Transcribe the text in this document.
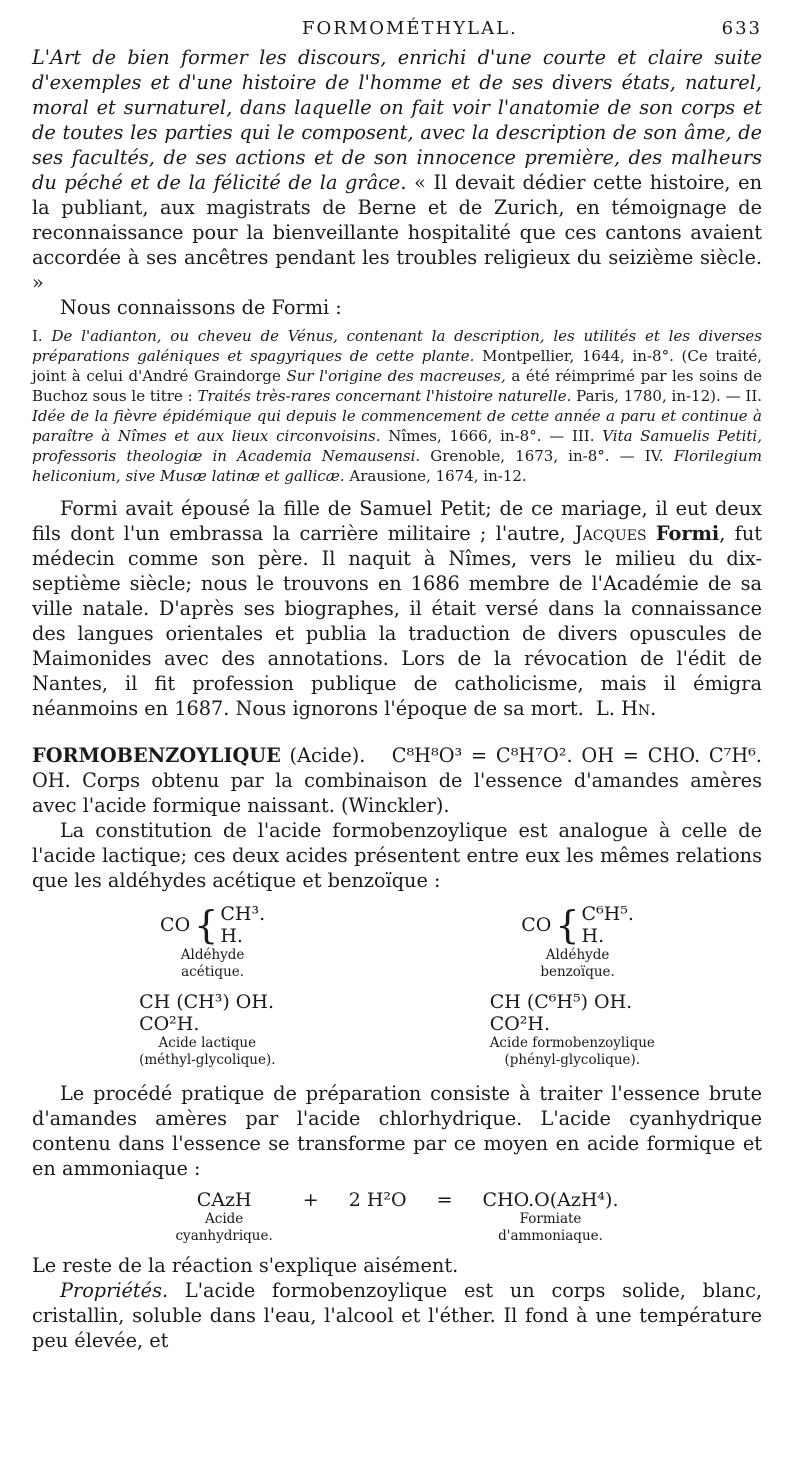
FORMOMÉTHYLAL.	633

L'Art de bien former les discours, enrichi d'une courte et claire suite d'exemples et d'une histoire de l'homme et de ses divers états, naturel, moral et surnaturel, dans laquelle on fait voir l'anatomie de son corps et de toutes les parties qui le composent, avec la description de son âme, de ses facultés, de ses actions et de son innocence première, des malheurs du péché et de la félicité de la grâce. « Il devait dédier cette histoire, en la publiant, aux magistrats de Berne et de Zurich, en témoignage de reconnaissance pour la bienveillante hospitalité que ces cantons avaient accordée à ses ancêtres pendant les troubles religieux du seizième siècle. »

Nous connaissons de Formi :

I. De l'adianton, ou cheveu de Vénus, contenant la description, les utilités et les diverses préparations galéniques et spagyriques de cette plante. Montpellier, 1644, in-8°. (Ce traité, joint à celui d'André Graindorge Sur l'origine des macreuses, a été réimprimé par les soins de Buchoz sous le titre : Traités très-rares concernant l'histoire naturelle. Paris, 1780, in-12). — II. Idée de la fièvre épidémique qui depuis le commencement de cette année a paru et continue à paraître à Nîmes et aux lieux circonvoisins. Nîmes, 1666, in-8°. — III. Vita Samuelis Petiti, professoris theologiæ in Academia Nemausensi. Grenoble, 1673, in-8°. — IV. Florilegium heliconium, sive Musæ latinæ et gallicæ. Arausione, 1674, in-12.

Formi avait épousé la fille de Samuel Petit; de ce mariage, il eut deux fils dont l'un embrassa la carrière militaire ; l'autre, Jacques Formi, fut médecin comme son père. Il naquit à Nîmes, vers le milieu du dix-septième siècle; nous le trouvons en 1686 membre de l'Académie de sa ville natale. D'après ses biographes, il était versé dans la connaissance des langues orientales et publia la traduction de divers opuscules de Maimonides avec des annotations. Lors de la révocation de l'édit de Nantes, il fit profession publique de catholicisme, mais il émigra néanmoins en 1687. Nous ignorons l'époque de sa mort. L. Hn.

FORMOBENZOYLIQUE (Acide). C⁸H⁸O³ = C⁸H⁷O². OH = CHO. C⁷H⁶. OH. Corps obtenu par la combinaison de l'essence d'amandes amères avec l'acide formique naissant. (Winckler).

La constitution de l'acide formobenzoylique est analogue à celle de l'acide lactique; ces deux acides présentent entre eux les mêmes relations que les aldéhydes acétique et benzoïque :

CO { CH³.
H.
Aldéhyde
acétique.
CO { C⁶H⁵.
H.
Aldéhyde
benzoïque.
CH (CH³) OH.
CO²H.
Acide lactique
(méthyl-glycolique).
CH (C⁶H⁵) OH.
CO²H.
Acide formobenzoylique
(phényl-glycolique).

Le procédé pratique de préparation consiste à traiter l'essence brute d'amandes amères par l'acide chlorhydrique. L'acide cyanhydrique contenu dans l'essence se transforme par ce moyen en acide formique et en ammoniaque :

CAzH
Acide
cyanhydrique.
+ 2 H²O = CHO.O(AzH⁴).
Formiate
d'ammoniaque.

Le reste de la réaction s'explique aisément.

Propriétés. L'acide formobenzoylique est un corps solide, blanc, cristallin, soluble dans l'eau, l'alcool et l'éther. Il fond à une température peu élevée, et
